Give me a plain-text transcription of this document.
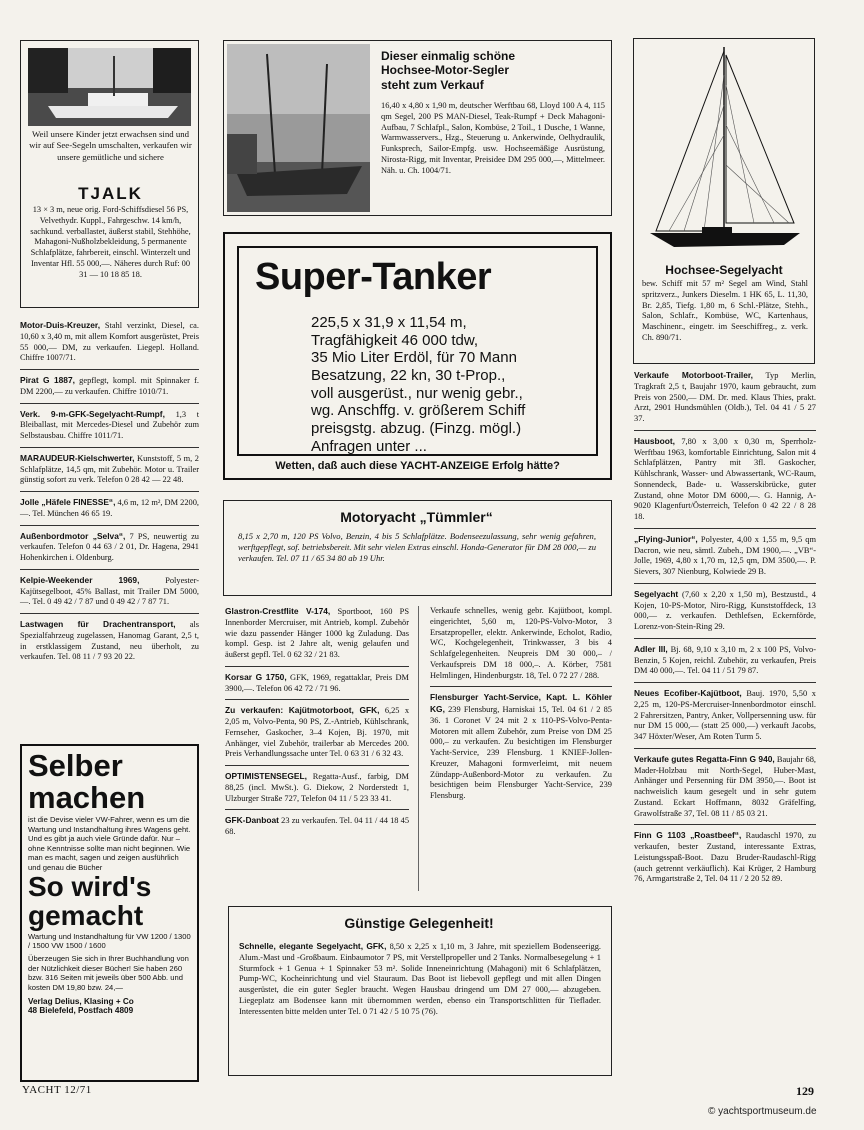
Weil unsere Kinder jetzt erwachsen sind und wir auf See-Segeln umschalten, verkaufen wir unsere gemütliche und sichere
TJALK
13 × 3 m, neue orig. Ford-Schiffsdiesel 56 PS, Velvethydr. Kuppl., Fahrgeschw. 14 km/h, sachkund. verballastet, äußerst stabil, Stehhöhe, Mahagoni-Nußholzbekleidung, 5 permanente Schlafplätze, fahrbereit, einschl. Winterzelt und Inventar Hfl. 55 000,—. Näheres durch Ruf: 00 31 — 10 18 85 18.
Dieser einmalig schöne Hochsee-Motor-Segler steht zum Verkauf
16,40 x 4,80 x 1,90 m, deutscher Werftbau 68, Lloyd 100 A 4, 115 qm Segel, 200 PS MAN-Diesel, Teak-Rumpf + Deck Mahagoni-Aufbau, 7 Schlafpl., Salon, Kombüse, 2 Toil., 1 Dusche, 1 Wanne, Warmwasservers., Hzg., Steuerung u. Ankerwinde, Oelhydraulik, Funksprech, Sailor-Empfg. usw. Hochseemäßige Ausrüstung, Nirosta-Rigg, mit Inventar, Preisidee DM 295 000,—, Mittelmeer. Näh. u. Ch. 1004/71.
Hochsee-Segelyacht
bew. Schiff mit 57 m² Segel am Wind, Stahl spritzverz., Junkers Dieselm. 1 HK 65, L. 11,30, Br. 2,85, Tiefg. 1,80 m, 6 Schl.-Plätze, Stehh., Salon, Schlafr., Kombüse, WC, Kartenhaus, Maschinenr., eingetr. im Seeschiffreg., z. verk. Ch. 890/71.
Super-Tanker
225,5 x 31,9 x 11,54 m,
Tragfähigkeit 46 000 tdw,
35 Mio Liter Erdöl, für 70 Mann
Besatzung, 22 kn, 30 t-Prop.,
voll ausgerüst., nur wenig gebr.,
wg. Anschffg. v. größerem Schiff
preisgstg. abzug. (Finzg. mögl.)
Anfragen unter ...
Wetten, daß auch diese YACHT-ANZEIGE Erfolg hätte?
Motoryacht „Tümmler“
8,15 x 2,70 m, 120 PS Volvo, Benzin, 4 bis 5 Schlafplätze. Bodenseezulassung, sehr wenig gefahren, werftgepflegt, sof. betriebsbereit. Mit sehr vielen Extras einschl. Honda-Generator für DM 28 000,— zu verkaufen. Tel. 07 11 / 65 34 80 ab 19 Uhr.

Motor-Duis-Kreuzer, Stahl verzinkt, Diesel, ca. 10,60 x 3,40 m, mit allem Komfort ausgerüstet, Preis 55 000,— DM, zu verkaufen. Liegepl. Holland. Chiffre 1007/71.

Pirat G 1887, gepflegt, kompl. mit Spinnaker f. DM 2200,— zu verkaufen. Chiffre 1010/71.

Verk. 9-m-GFK-Segelyacht-Rumpf, 1,3 t Bleiballast, mit Mercedes-Diesel und Zubehör zum Selbstausbau. Chiffre 1011/71.

MARAUDEUR-Kielschwerter, Kunststoff, 5 m, 2 Schlafplätze, 14,5 qm, mit Zubehör. Motor u. Trailer günstig sofort zu verk. Telefon 0 28 42 — 22 48.

Jolle „Häfele FINESSE“, 4,6 m, 12 m², DM 2200,—. Tel. München 46 65 19.

Außenbordmotor „Selva“, 7 PS, neuwertig zu verkaufen. Telefon 0 44 63 / 2 01, Dr. Hagena, 2941 Hohenkirchen i. Oldenburg.

Kelpie-Weekender 1969,	Polyester-Kajütsegelboot, 45% Ballast, mit Trailer DM 5000,—. Tel. 0 49 42 / 7 87 und 0 49 42 / 7 87 71.

Lastwagen für Drachentransport, als Spezialfahrzeug zugelassen, Hanomag Garant, 2,5 t, in erstklassigem Zustand, neu überholt, zu verkaufen. Tel. 08 11 / 7 93 20 22.

Selber
machen
ist die Devise vieler VW-Fahrer, wenn es um die Wartung und Instandhaltung ihres Wagens geht. Und es gibt ja auch viele Gründe dafür. Nur – ohne Kenntnisse sollte man nicht beginnen. Wie man es macht, sagen und zeigen ausführlich und genau die Bücher
So wird's
gemacht
Wartung und Instandhaltung für VW 1200 / 1300 / 1500 VW 1500 / 1600
Überzeugen Sie sich in Ihrer Buchhandlung von der Nützlichkeit dieser Bücher! Sie haben 260 bzw. 316 Seiten mit jeweils über 500 Abb. und kosten DM 19,80 bzw. 24,—
Verlag Delius, Klasing + Co
48 Bielefeld, Postfach 4809

Glastron-Crestflite V-174, Sportboot, 160 PS Innenborder Mercruiser, mit Antrieb, kompl. Zubehör wie dazu passender Hänger 1000 kg Zuladung. Das kompl. Gesp. ist 2 Jahre alt, wenig gelaufen und äußerst gepfl. Tel. 0 62 32 / 21 83.

Korsar G 1750, GFK, 1969, regattaklar, Preis DM 3900,—. Telefon 06 42 72 / 71 96.

Zu verkaufen: Kajütmotorboot, GFK, 6,25 x 2,05 m, Volvo-Penta, 90 PS, Z.-Antrieb, Kühlschrank, Fernseher, Gaskocher, 3–4 Kojen, Bj. 1970, mit Anhänger, viel Zubehör, trailerbar ab Mercedes 200. Preis Verhandlungssache unter Tel. 0 63 31 / 6 32 43.

OPTIMISTENSEGEL, Regatta-Ausf., farbig, DM 88,25 (incl. MwSt.). G. Diekow, 2 Norderstedt 1, Ulzburger Straße 727, Telefon 04 11 / 5 23 33 41.

GFK-Danboat 23 zu verkaufen. Tel. 04 11 / 44 18 45 68.

Verkaufe schnelles, wenig gebr. Kajütboot, kompl. eingerichtet, 5,60 m, 120-PS-Volvo-Motor, 3 Ersatzpropeller, elektr. Ankerwinde, Echolot, Radio, WC, Kochgelegenheit, Trinkwasser, 3 bis 4 Schlafgelegenheiten. Neupreis DM 30 000,– / Verkaufspreis DM 18 000,–. A. Körber, 7581 Helmlingen, Hindenburgstr. 18, Tel. 0 72 27 / 288.

Flensburger Yacht-Service, Kapt. L. Köhler KG, 239 Flensburg, Harniskai 15, Tel. 04 61 / 2 85 36. 1 Coronet V 24 mit 2 x 110-PS-Volvo-Penta-Motoren mit allem Zubehör, zum Preise von DM 25 000,– zu verkaufen. Zu besichtigen im Flensburger Yacht-Service, 239 Flensburg. 1 KNIEF-Jollen-Kreuzer, Mahagoni formverleimt, mit neuem Zündapp-Außenbord-Motor zu verkaufen. Zu besichtigen beim Flensburger Yacht-Service, 239 Flensburg.

Günstige Gelegenheit!
Schnelle, elegante Segelyacht, GFK, 8,50 x 2,25 x 1,10 m, 3 Jahre, mit speziellem Bodenseerigg. Alum.-Mast und -Großbaum. Einbaumotor 7 PS, mit Verstellpropeller und 2 Tanks. Normalbesegelung + 1 Sturmfock + 1 Genua + 1 Spinnaker 53 m². Solide Inneneinrichtung (Mahagoni) mit 6 Schlafplätzen, Pump-WC, Kocheinrichtung und viel Stauraum. Das Boot ist liebevoll gepflegt und mit allen Dingen ausgerüstet, die ein guter Segler braucht. Wegen Hausbau dringend um DM 27 000,— abzugeben. Liegeplatz am Bodensee kann mit übernommen werden, ebenso ein Transportschlitten für Tieflader. Interessenten bitte melden unter Tel. 0 71 42 / 5 10 75 (76).

Verkaufe Motorboot-Trailer, Typ Merlin, Tragkraft 2,5 t, Baujahr 1970, kaum gebraucht, zum Preis von 2500,— DM. Dr. med. Klaus Thies, prakt. Arzt, 2901 Hundsmühlen (Oldb.), Tel. 04 41 / 5 27 37.

Hausboot, 7,80 x 3,00 x 0,30 m, Sperrholz-Werftbau 1963, komfortable Einrichtung, Salon mit 4 Schlafplätzen, Pantry mit 3fl. Gaskocher, Kühlschrank, Wasser- und Abwassertank, WC-Raum, Sonnendeck, Bade- u. Wasserskibrücke, guter Zustand, ohne Motor DM 6000,—. G. Hannig, A-9020 Klagenfurt/Österreich, Telefon 0 42 22 / 8 28 18.

„Flying-Junior“, Polyester, 4,00 x 1,55 m, 9,5 qm Dacron, wie neu, sämtl. Zubeh., DM 1900,—. „VB“-Jolle, 1969, 4,80 x 1,70 m, 12,5 qm, DM 3500,—. P. Sievers, 307 Nienburg, Kolwiede 29 B.

Segelyacht (7,60 x 2,20 x 1,50 m), Bestzustd., 4 Kojen, 10-PS-Motor, Niro-Rigg, Kunststoffdeck, 13 000,— z. verkaufen. Dethlefsen, Eckernförde, Lorenz-von-Stein-Ring 29.

Adler III, Bj. 68, 9,10 x 3,10 m, 2 x 100 PS, Volvo-Benzin, 5 Kojen, reichl. Zubehör, zu verkaufen, Preis DM 40 000,—. Tel. 04 11 / 51 79 87.

Neues Ecofiber-Kajütboot, Bauj. 1970, 5,50 x 2,25 m, 120-PS-Mercruiser-Innenbordmotor einschl. 2 Fahrersitzen, Pantry, Anker, Vollpersenning usw. für nur DM 15 000,— (statt 25 000,—) verkauft Jacobs, 347 Höxter/Weser, Am Roten Turm 5.

Verkaufe gutes Regatta-Finn G 940, Baujahr 68, Mader-Holzbau mit North-Segel, Huber-Mast, Anhänger und Persenning für DM 3950,—. Boot ist nachweislich kaum gesegelt und in sehr gutem Zustand. Eckart Hoffmann, 8032 Gräfelfing, Grawolfstraße 37, Tel. 08 11 / 85 03 21.

Finn G 1103 „Roastbeef“, Raudaschl 1970, zu verkaufen, bester Zustand, interessante Extras, Leistungsspaß-Boot. Dazu Bruder-Raudaschl-Rigg (auch getrennt verkäuflich). Kai Krüger, 2 Hamburg 76, Armgartstraße 2, Tel. 04 11 / 2 20 52 89.

YACHT 12/71	129
© yachtsportmuseum.de
